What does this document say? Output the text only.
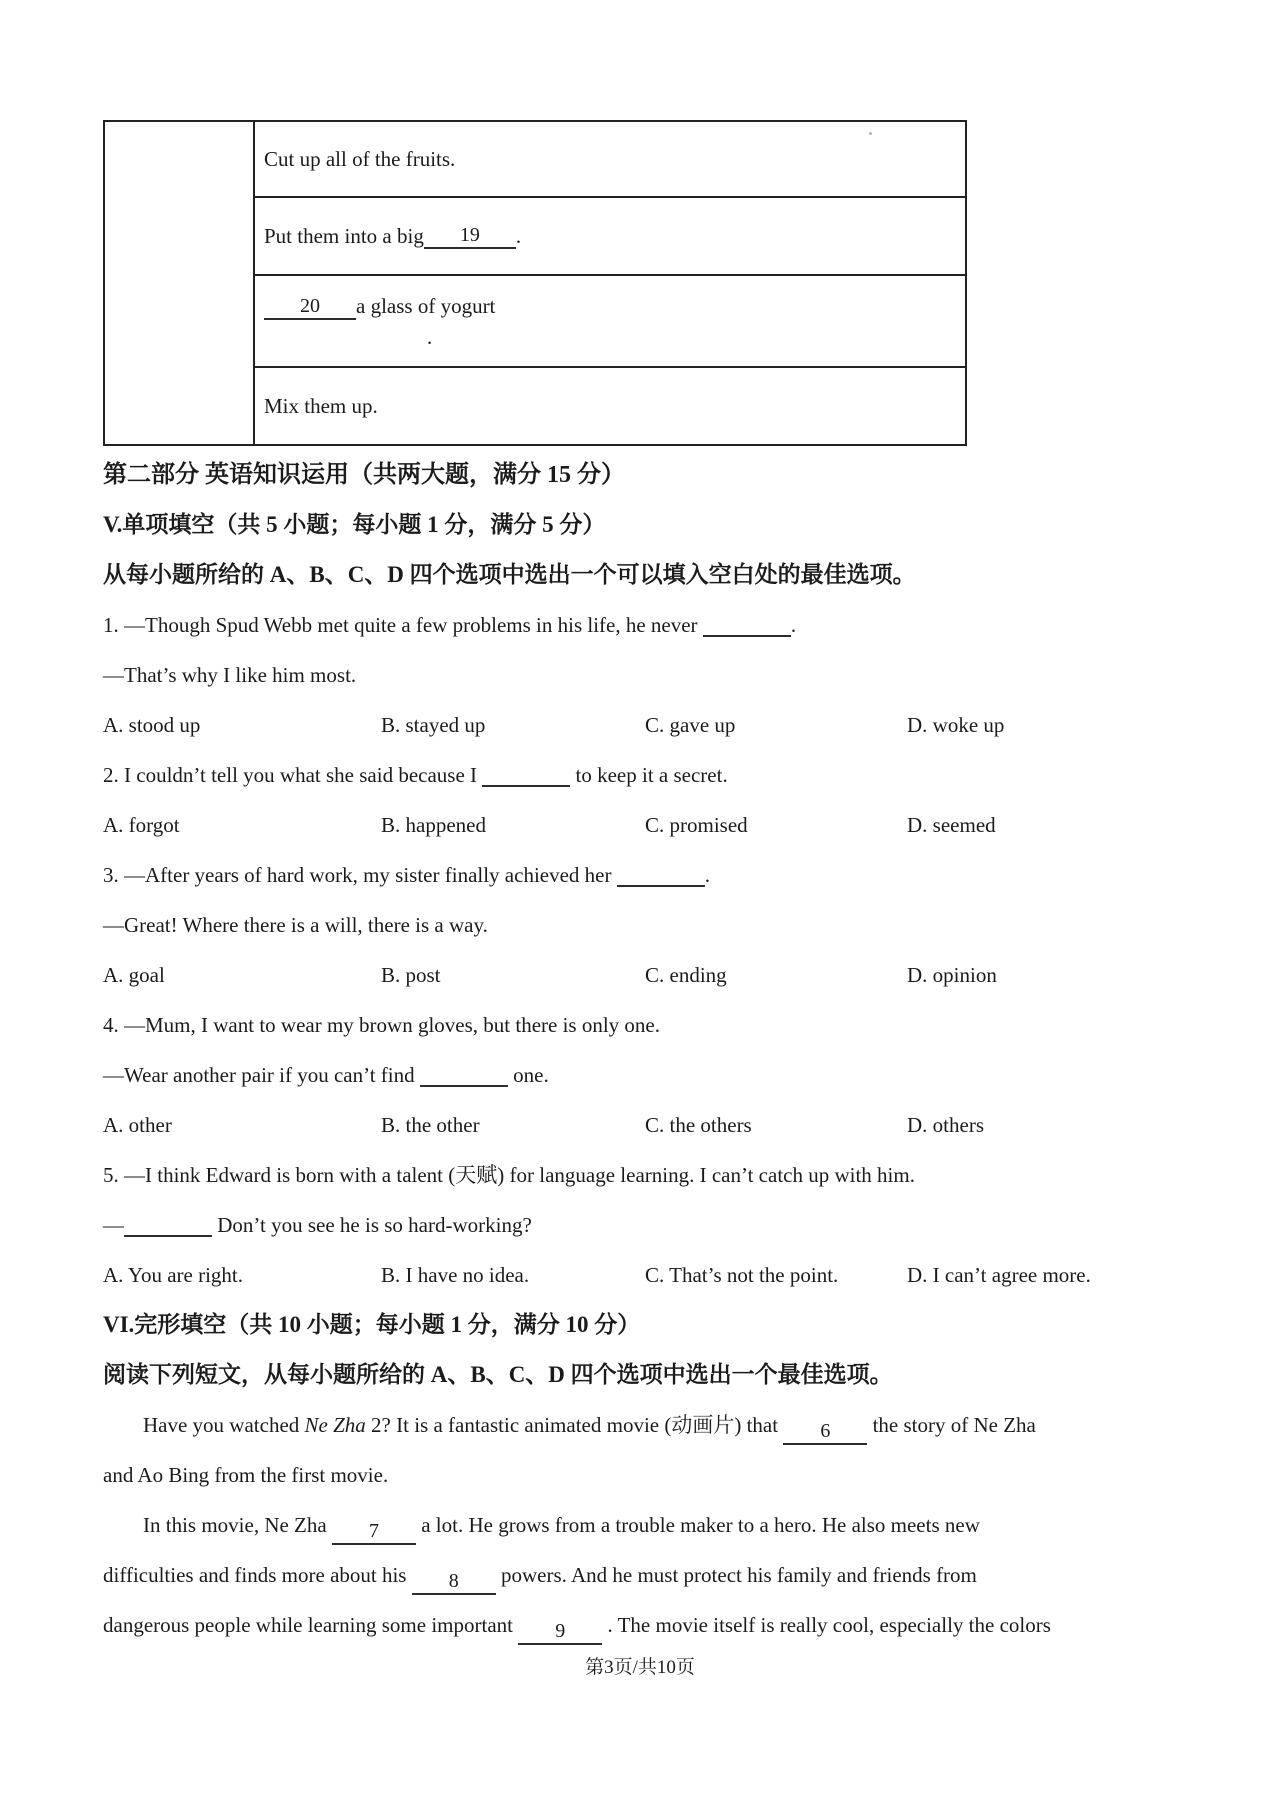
Cut up all of the fruits.
Put them into a big	19	.
20	a glass of yogurt
.
Mix them up.
第二部分 英语知识运用（共两大题，满分 15 分）
V.单项填空（共 5 小题；每小题 1 分，满分 5 分）
从每小题所给的 A、B、C、D 四个选项中选出一个可以填入空白处的最佳选项。
1. —Though Spud Webb met quite a few problems in his life, he never	.
—That’s why I like him most.
A. stood up	B. stayed up	C. gave up	D. woke up
2. I couldn’t tell you what she said because I	to keep it a secret.
A. forgot	B. happened	C. promised	D. seemed
3. —After years of hard work, my sister finally achieved her	.
—Great! Where there is a will, there is a way.
A. goal	B. post	C. ending	D. opinion
4. —Mum, I want to wear my brown gloves, but there is only one.
—Wear another pair if you can’t find	one.
A. other	B. the other	C. the others	D. others
5. —I think Edward is born with a talent (天赋) for language learning. I can’t catch up with him.
—	Don’t you see he is so hard-working?
A. You are right.	B. I have no idea.	C. That’s not the point.	D. I can’t agree more.
VI.完形填空（共 10 小题；每小题 1 分，满分 10 分）
阅读下列短文，从每小题所给的 A、B、C、D 四个选项中选出一个最佳选项。
Have you watched Ne Zha 2? It is a fantastic animated movie (动画片) that 6 the story of Ne Zha
and Ao Bing from the first movie.
In this movie, Ne Zha 7 a lot. He grows from a trouble maker to a hero. He also meets new
difficulties and finds more about his 8 powers. And he must protect his family and friends from
dangerous people while learning some important 9 . The movie itself is really cool, especially the colors
第3页/共10页
